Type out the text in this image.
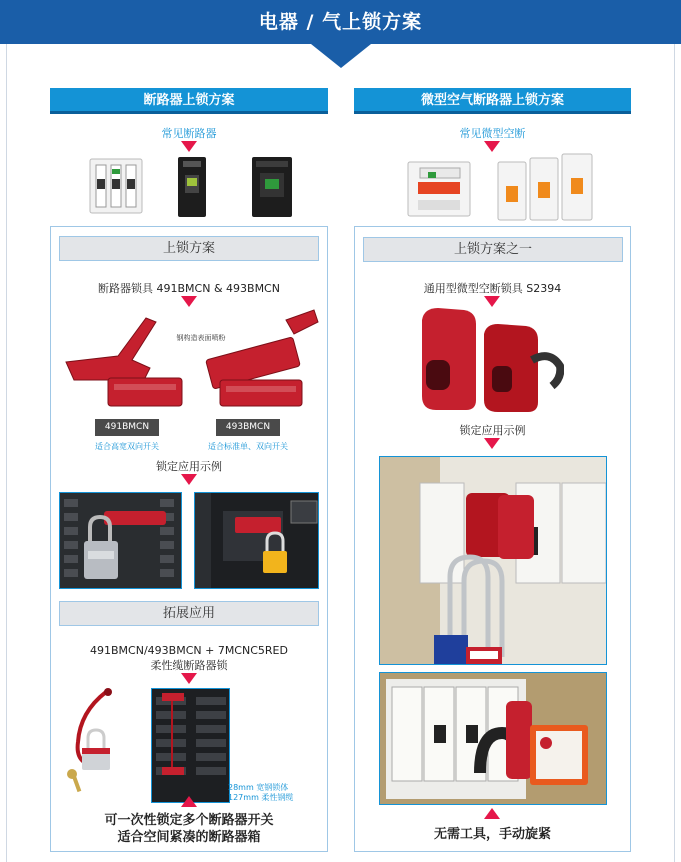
电器 / 气上锁方案
断路器上锁方案
常见断路器
上锁方案
断路器锁具 491BMCN & 493BMCN
钢构造表面喷粉
491BMCN
适合高宽双向开关
493BMCN
适合标准单、双向开关
锁定应用示例
拓展应用
491BMCN/493BMCN + 7MCNC5RED
柔性缆断路器锁
28mm 宽钢锁体
127mm 柔性钢缆
可一次性锁定多个断路器开关
适合空间紧凑的断路器箱
微型空气断路器上锁方案
常见微型空断
上锁方案之一
通用型微型空断锁具 S2394
锁定应用示例
无需工具，手动旋紧
